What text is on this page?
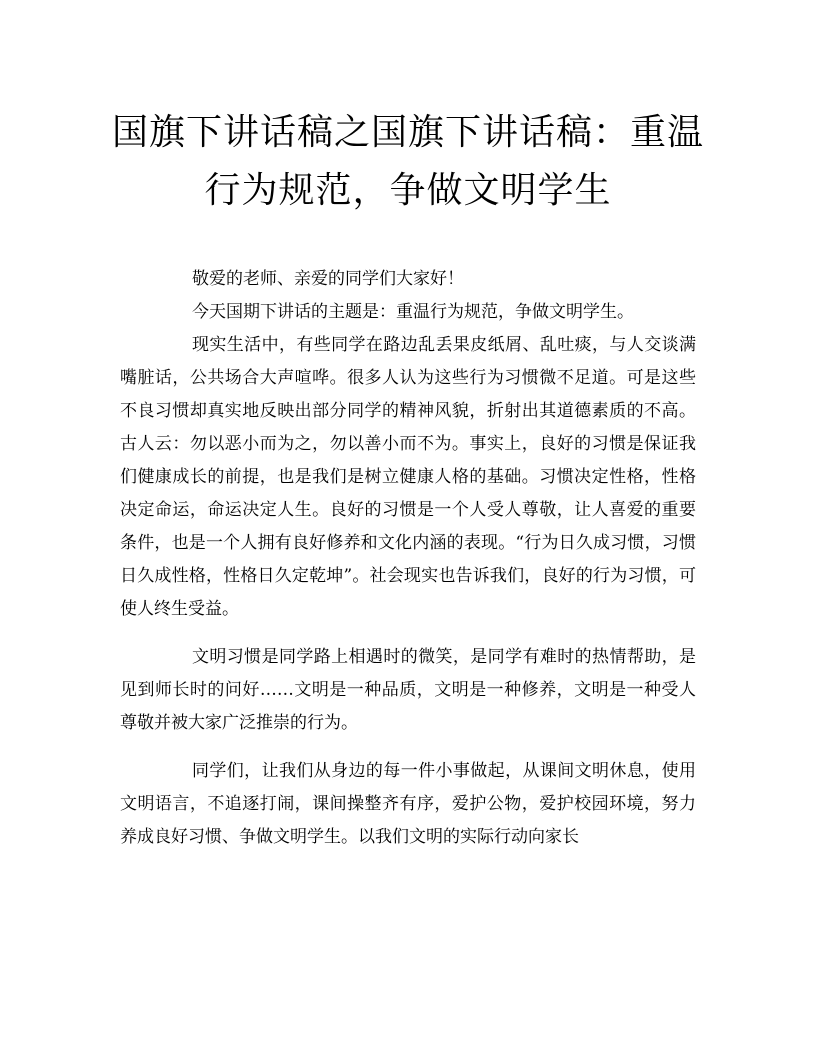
国旗下讲话稿之国旗下讲话稿：重温行为规范，争做文明学生

敬爱的老师、亲爱的同学们大家好！

今天国期下讲话的主题是：重温行为规范，争做文明学生。

现实生活中，有些同学在路边乱丢果皮纸屑、乱吐痰，与人交谈满嘴脏话，公共场合大声喧哗。很多人认为这些行为习惯微不足道。可是这些不良习惯却真实地反映出部分同学的精神风貌，折射出其道德素质的不高。古人云：勿以恶小而为之，勿以善小而不为。事实上，良好的习惯是保证我们健康成长的前提，也是我们是树立健康人格的基础。习惯决定性格，性格决定命运，命运决定人生。良好的习惯是一个人受人尊敬，让人喜爱的重要条件，也是一个人拥有良好修养和文化内涵的表现。“行为日久成习惯，习惯日久成性格，性格日久定乾坤”。社会现实也告诉我们，良好的行为习惯，可使人终生受益。

文明习惯是同学路上相遇时的微笑，是同学有难时的热情帮助，是见到师长时的问好……文明是一种品质，文明是一种修养，文明是一种受人尊敬并被大家广泛推崇的行为。

同学们，让我们从身边的每一件小事做起，从课间文明休息，使用文明语言，不追逐打闹，课间操整齐有序，爱护公物，爱护校园环境，努力养成良好习惯、争做文明学生。以我们文明的实际行动向家长
